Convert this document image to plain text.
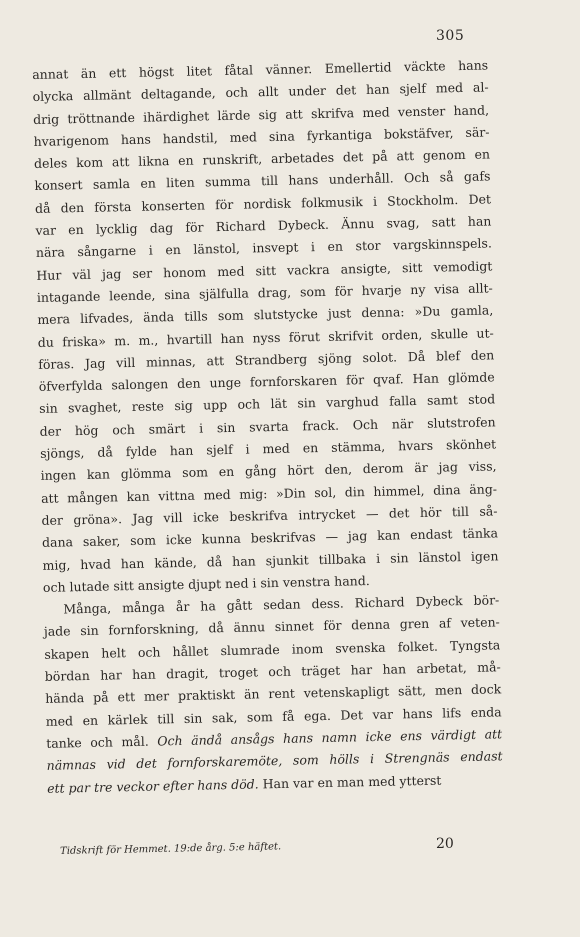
305
annat än ett högst litet fåtal vänner. Emellertid väckte hans
olycka allmänt deltagande, och allt under det han sjelf med al-
drig tröttnande ihärdighet lärde sig att skrifva med venster hand,
hvarigenom hans handstil, med sina fyrkantiga bokstäfver, sär-
deles kom att likna en runskrift, arbetades det på att genom en
konsert samla en liten summa till hans underhåll. Och så gafs
då den första konserten för nordisk folkmusik i Stockholm. Det
var en lycklig dag för Richard Dybeck. Ännu svag, satt han
nära sångarne i en länstol, insvept i en stor vargskinnspels.
Hur väl jag ser honom med sitt vackra ansigte, sitt vemodigt
intagande leende, sina själfulla drag, som för hvarje ny visa allt-
mera lifvades, ända tills som slutstycke just denna: »Du gamla,
du friska» m. m., hvartill han nyss förut skrifvit orden, skulle ut-
föras. Jag vill minnas, att Strandberg sjöng solot. Då blef den
öfverfylda salongen den unge fornforskaren för qvaf. Han glömde
sin svaghet, reste sig upp och lät sin varghud falla samt stod
der hög och smärt i sin svarta frack. Och när slutstrofen
sjöngs, då fylde han sjelf i med en stämma, hvars skönhet
ingen kan glömma som en gång hört den, derom är jag viss,
att mången kan vittna med mig: »Din sol, din himmel, dina äng-
der gröna». Jag vill icke beskrifva intrycket — det hör till så-
dana saker, som icke kunna beskrifvas — jag kan endast tänka
mig, hvad han kände, då han sjunkit tillbaka i sin länstol igen
och lutade sitt ansigte djupt ned i sin venstra hand.
Många, många år ha gått sedan dess. Richard Dybeck bör-
jade sin fornforskning, då ännu sinnet för denna gren af veten-
skapen helt och hållet slumrade inom svenska folket. Tyngsta
bördan har han dragit, troget och träget har han arbetat, må-
hända på ett mer praktiskt än rent vetenskapligt sätt, men dock
med en kärlek till sin sak, som få ega. Det var hans lifs enda
tanke och mål. Och ändå ansågs hans namn icke ens värdigt att
nämnas vid det fornforskaremöte, som hölls i Strengnäs endast
ett par tre veckor efter hans död. Han var en man med ytterst
20
Tidskrift för Hemmet. 19:de årg. 5:e häftet.
